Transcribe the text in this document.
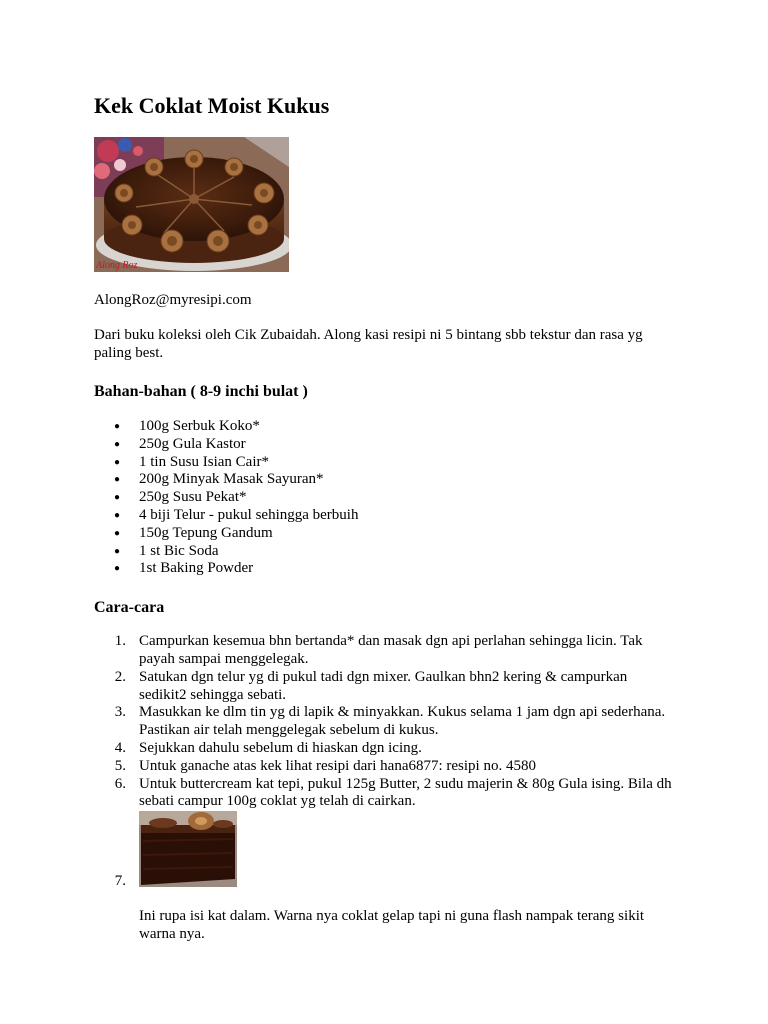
Kek Coklat Moist Kukus
Along Roz
AlongRoz@myresipi.com
Dari buku koleksi oleh Cik Zubaidah. Along kasi resipi ni 5 bintang sbb tekstur dan rasa yg paling best.
Bahan-bahan ( 8-9 inchi bulat )
● 100g Serbuk Koko*
● 250g Gula Kastor
● 1 tin Susu Isian Cair*
● 200g Minyak Masak Sayuran*
● 250g Susu Pekat*
● 4 biji Telur - pukul sehingga berbuih
● 150g Tepung Gandum
● 1 st Bic Soda
● 1st Baking Powder
Cara-cara
1. Campurkan kesemua bhn bertanda* dan masak dgn api perlahan sehingga licin. Tak payah sampai menggelegak.
2. Satukan dgn telur yg di pukul tadi dgn mixer. Gaulkan bhn2 kering & campurkan sedikit2 sehingga sebati.
3. Masukkan ke dlm tin yg di lapik & minyakkan. Kukus selama 1 jam dgn api sederhana. Pastikan air telah menggelegak sebelum di kukus.
4. Sejukkan dahulu sebelum di hiaskan dgn icing.
5. Untuk ganache atas kek lihat resipi dari hana6877: resipi no. 4580
6. Untuk buttercream kat tepi, pukul 125g Butter, 2 sudu majerin & 80g Gula ising. Bila dh sebati campur 100g coklat yg telah di cairkan.
7.
Ini rupa isi kat dalam. Warna nya coklat gelap tapi ni guna flash nampak terang sikit warna nya.
